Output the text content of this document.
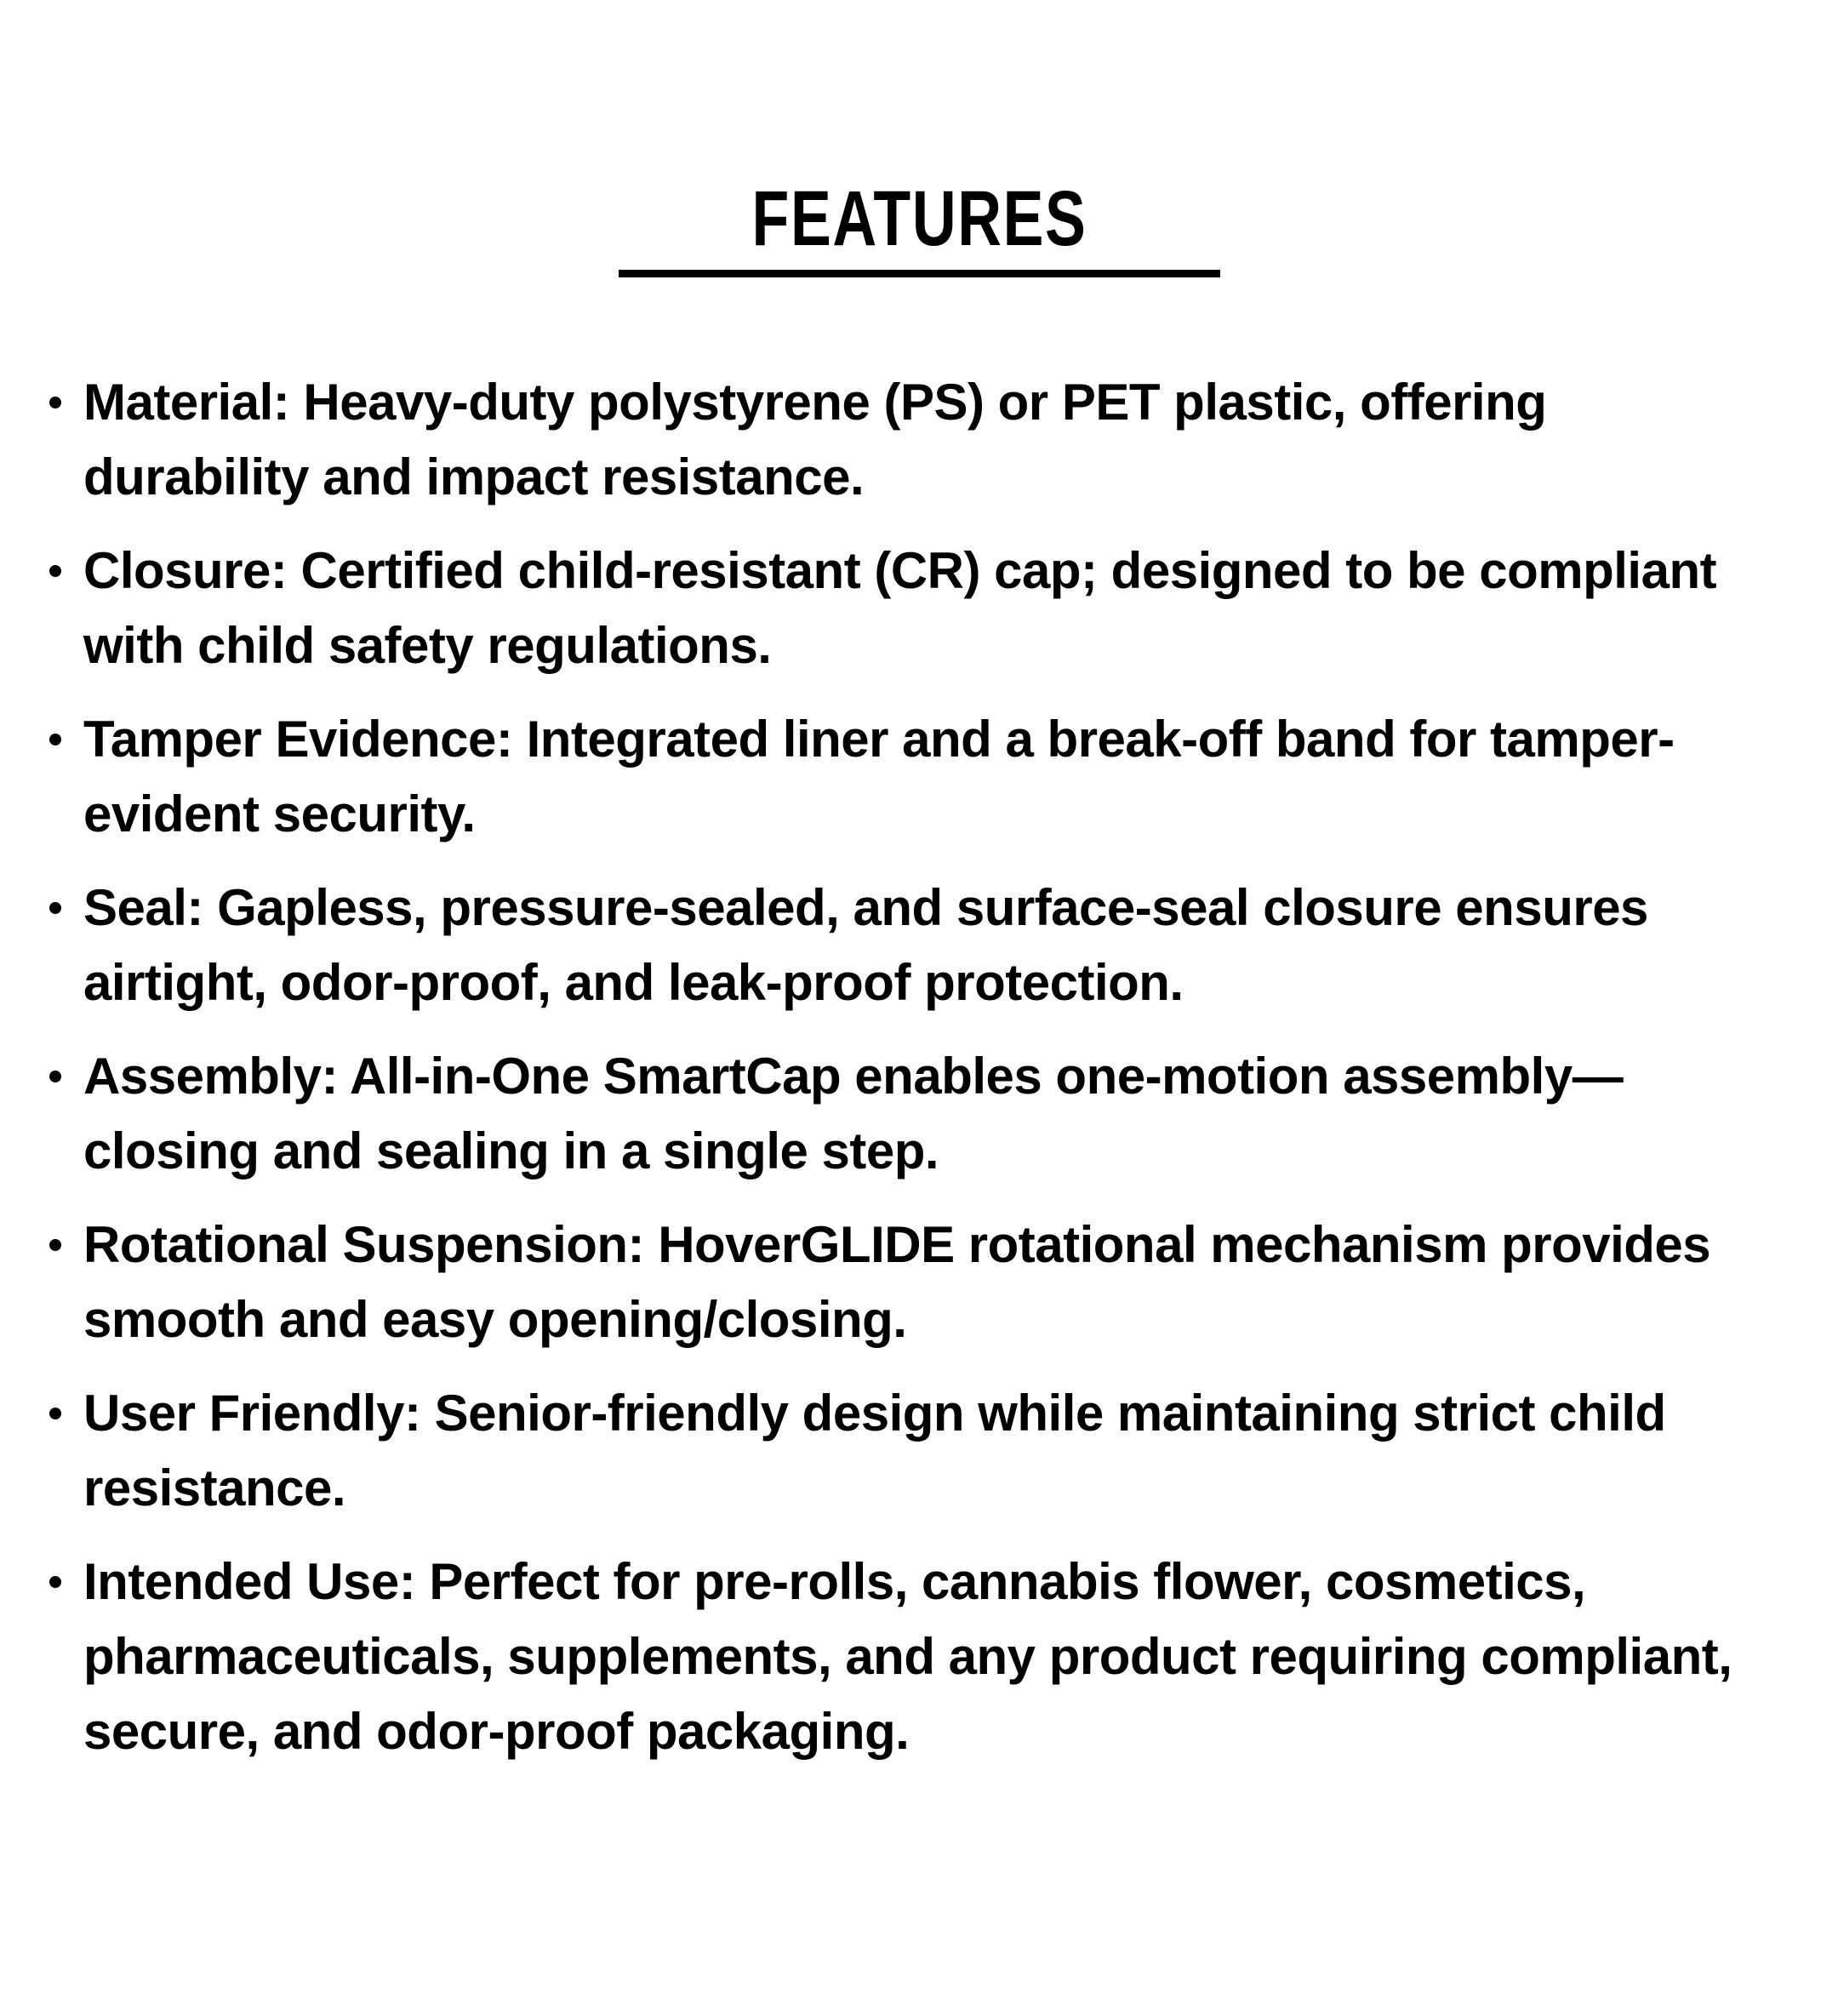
FEATURES
Material: Heavy-duty polystyrene (PS) or PET plastic, offering
durability and impact resistance.
Closure: Certified child-resistant (CR) cap; designed to be compliant
with child safety regulations.
Tamper Evidence: Integrated liner and a break-off band for tamper-
evident security.
Seal: Gapless, pressure-sealed, and surface-seal closure ensures
airtight, odor-proof, and leak-proof protection.
Assembly: All-in-One SmartCap enables one-motion assembly—
closing and sealing in a single step.
Rotational Suspension: HoverGLIDE rotational mechanism provides
smooth and easy opening/closing.
User Friendly: Senior-friendly design while maintaining strict child
resistance.
Intended Use: Perfect for pre-rolls, cannabis flower, cosmetics,
pharmaceuticals, supplements, and any product requiring compliant,
secure, and odor-proof packaging.
